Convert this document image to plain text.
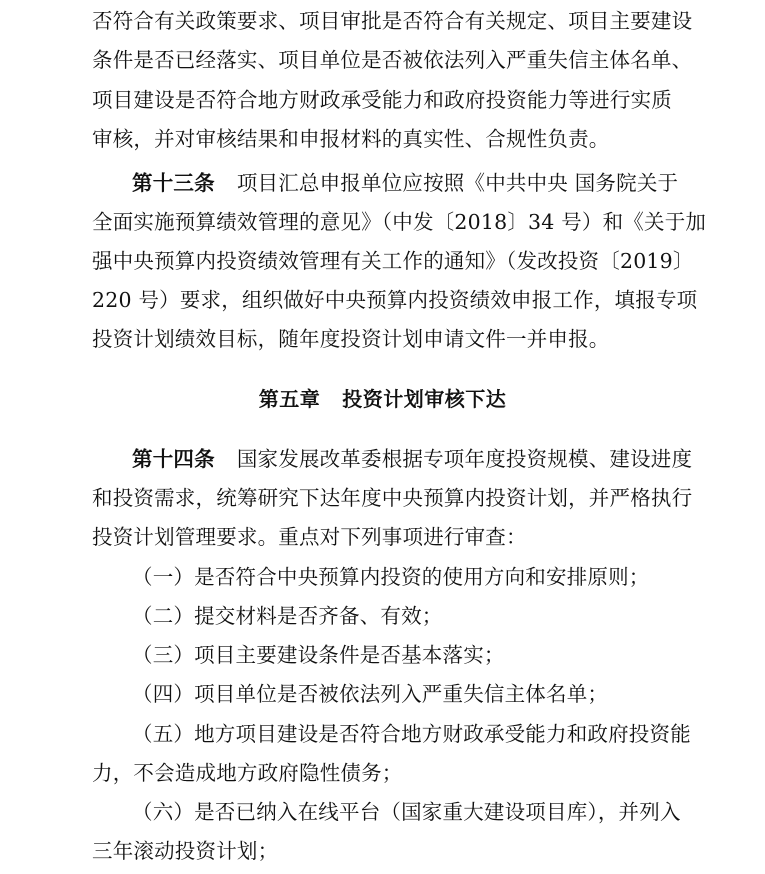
否符合有关政策要求、项目审批是否符合有关规定、项目主要建设
条件是否已经落实、项目单位是否被依法列入严重失信主体名单、
项目建设是否符合地方财政承受能力和政府投资能力等进行实质
审核，并对审核结果和申报材料的真实性、合规性负责。
第十三条 项目汇总申报单位应按照《中共中央 国务院关于
全面实施预算绩效管理的意见》（中发〔2018〕34 号）和《关于加
强中央预算内投资绩效管理有关工作的通知》（发改投资〔2019〕
220 号）要求，组织做好中央预算内投资绩效申报工作，填报专项
投资计划绩效目标，随年度投资计划申请文件一并申报。
第五章 投资计划审核下达
第十四条 国家发展改革委根据专项年度投资规模、建设进度
和投资需求，统筹研究下达年度中央预算内投资计划，并严格执行
投资计划管理要求。重点对下列事项进行审查：
（一）是否符合中央预算内投资的使用方向和安排原则；
（二）提交材料是否齐备、有效；
（三）项目主要建设条件是否基本落实；
（四）项目单位是否被依法列入严重失信主体名单；
（五）地方项目建设是否符合地方财政承受能力和政府投资能
力，不会造成地方政府隐性债务；
（六）是否已纳入在线平台（国家重大建设项目库），并列入
三年滚动投资计划；
